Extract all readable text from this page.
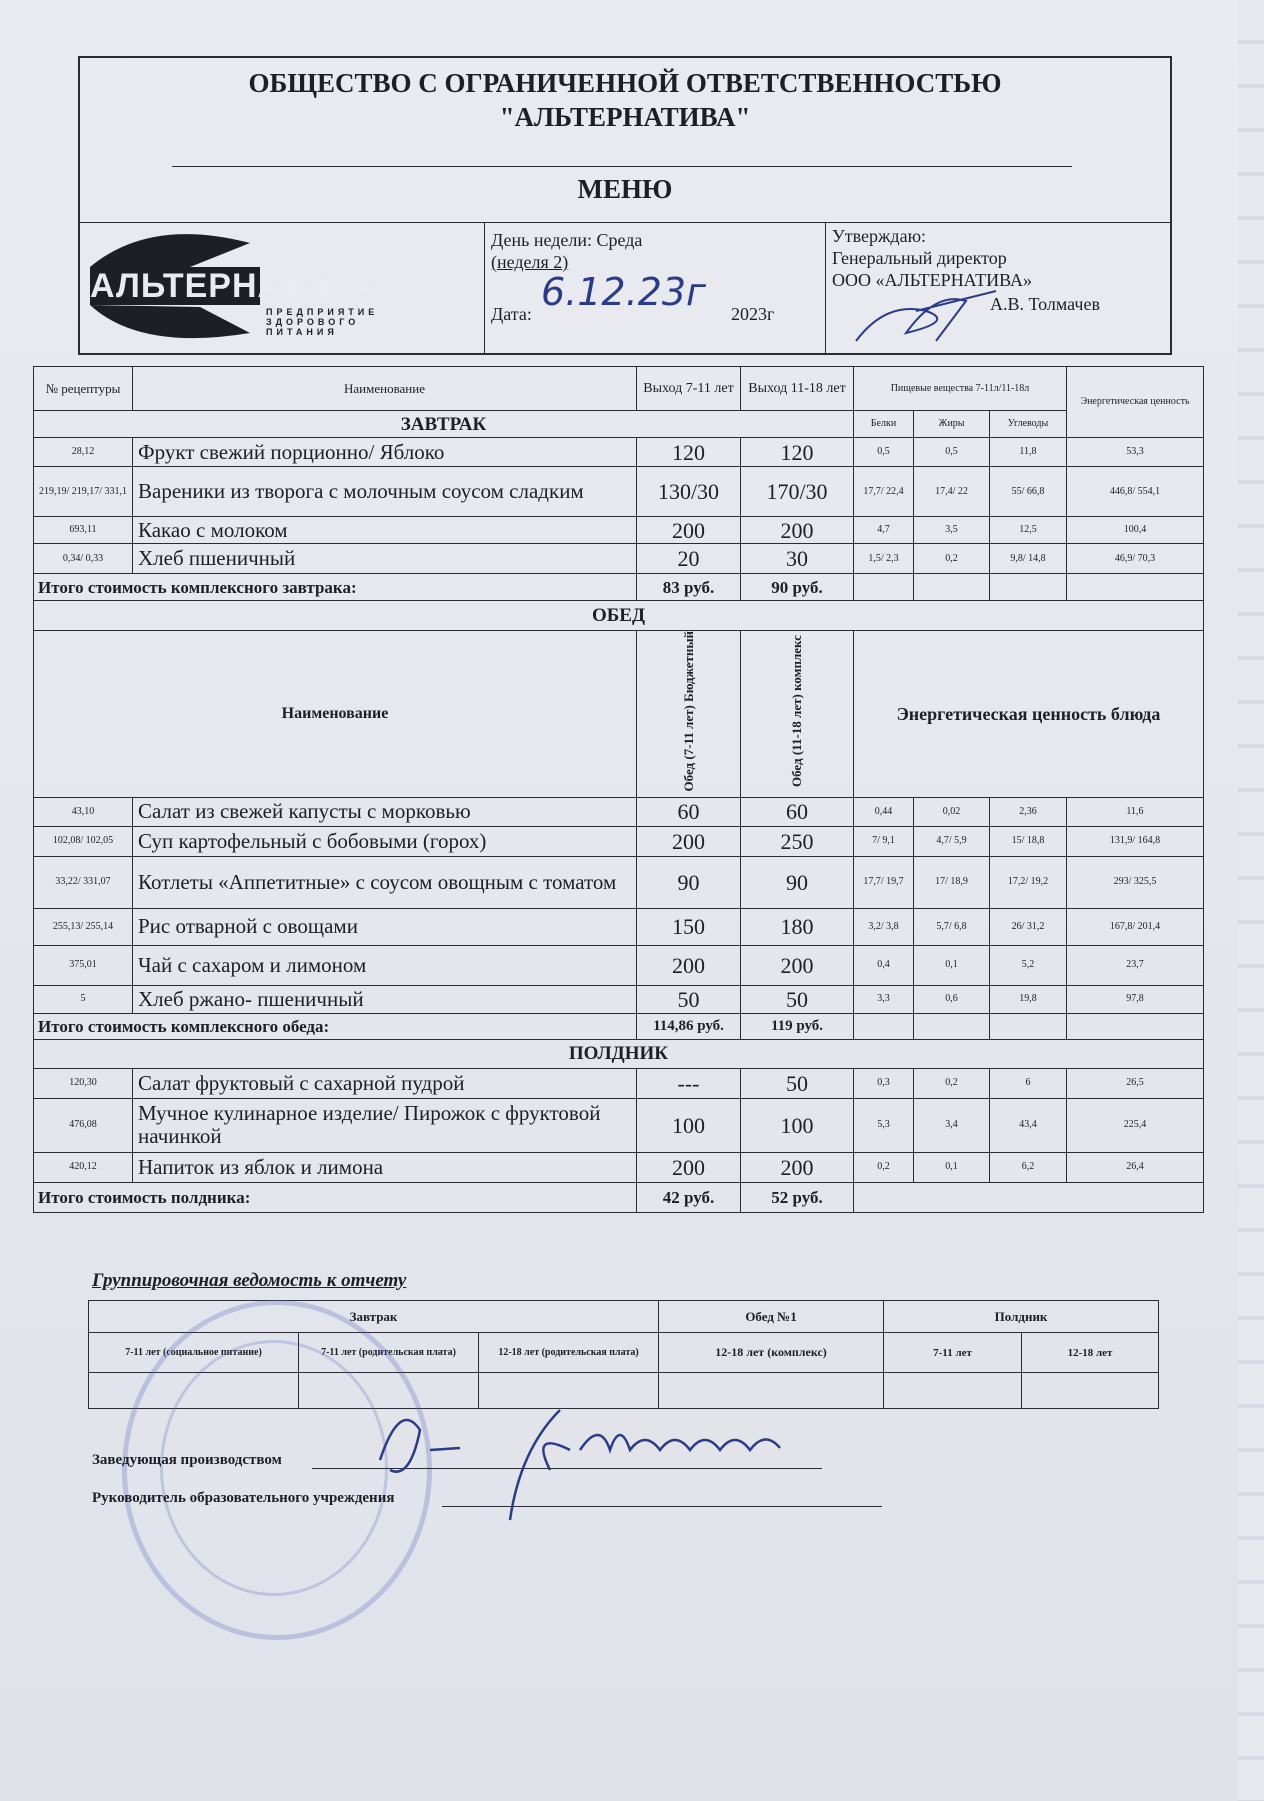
ОБЩЕСТВО С ОГРАНИЧЕННОЙ ОТВЕТСТВЕННОСТЬЮ
"АЛЬТЕРНАТИВА"
МЕНЮ
АЛЬТЕРНАТИВА
ПРЕДПРИЯТИЕ
ЗДОРОВОГО
ПИТАНИЯ
День недели: Среда
(неделя 2)
Дата: 6.12.23г 2023г
Утверждаю:
Генеральный директор
ООО «АЛЬТЕРНАТИВА»
А.В. Толмачев
№ рецептуры	Наименование	Выход 7-11 лет	Выход 11-18 лет	Пищевые вещества 7-11л/11-18л			Энергетическая ценность
ЗАВТРАК				Белки	Жиры	Углеводы	
28,12	Фрукт свежий порционно/ Яблоко	120	120	0,5	0,5	11,8	53,3
219,19/ 219,17/ 331,1	Вареники из творога с молочным соусом сладким	130/30	170/30	17,7/ 22,4	17,4/ 22	55/ 66,8	446,8/ 554,1
693,11	Какао с молоком	200	200	4,7	3,5	12,5	100,4
0,34/ 0,33	Хлеб пшеничный	20	30	1,5/ 2,3	0,2	9,8/ 14,8	46,9/ 70,3
Итого стоимость комплексного завтрака:		83 руб.	90 руб.				
ОБЕД							
Наименование		Обед (7-11 лет) Бюджетный	Обед (11-18 лет) комплекс	Энергетическая ценность блюда			
43,10	Салат из свежей капусты с морковью	60	60	0,44	0,02	2,36	11,6
102,08/ 102,05	Суп картофельный с бобовыми (горох)	200	250	7/ 9,1	4,7/ 5,9	15/ 18,8	131,9/ 164,8
33,22/ 331,07	Котлеты «Аппетитные» с соусом овощным с томатом	90	90	17,7/ 19,7	17/ 18,9	17,2/ 19,2	293/ 325,5
255,13/ 255,14	Рис отварной с овощами	150	180	3,2/ 3,8	5,7/ 6,8	26/ 31,2	167,8/ 201,4
375,01	Чай с сахаром и лимоном	200	200	0,4	0,1	5,2	23,7
5	Хлеб ржано- пшеничный	50	50	3,3	0,6	19,8	97,8
Итого стоимость комплексного обеда:		114,86 руб.	119 руб.				
ПОЛДНИК							
120,30	Салат фруктовый с сахарной пудрой	---	50	0,3	0,2	6	26,5
476,08	Мучное кулинарное изделие/ Пирожок с фруктовой начинкой	100	100	5,3	3,4	43,4	225,4
420,12	Напиток из яблок и лимона	200	200	0,2	0,1	6,2	26,4
Итого стоимость полдника:		42 руб.	52 руб.				
Группировочная ведомость к отчету
Завтрак			Обед №1	Полдник	
7-11 лет (социальное питание)	7-11 лет (родительская плата)	12-18 лет (родительская плата)	12-18 лет (комплекс)	7-11 лет	12-18 лет

Заведующая производством
Руководитель образовательного учреждения
